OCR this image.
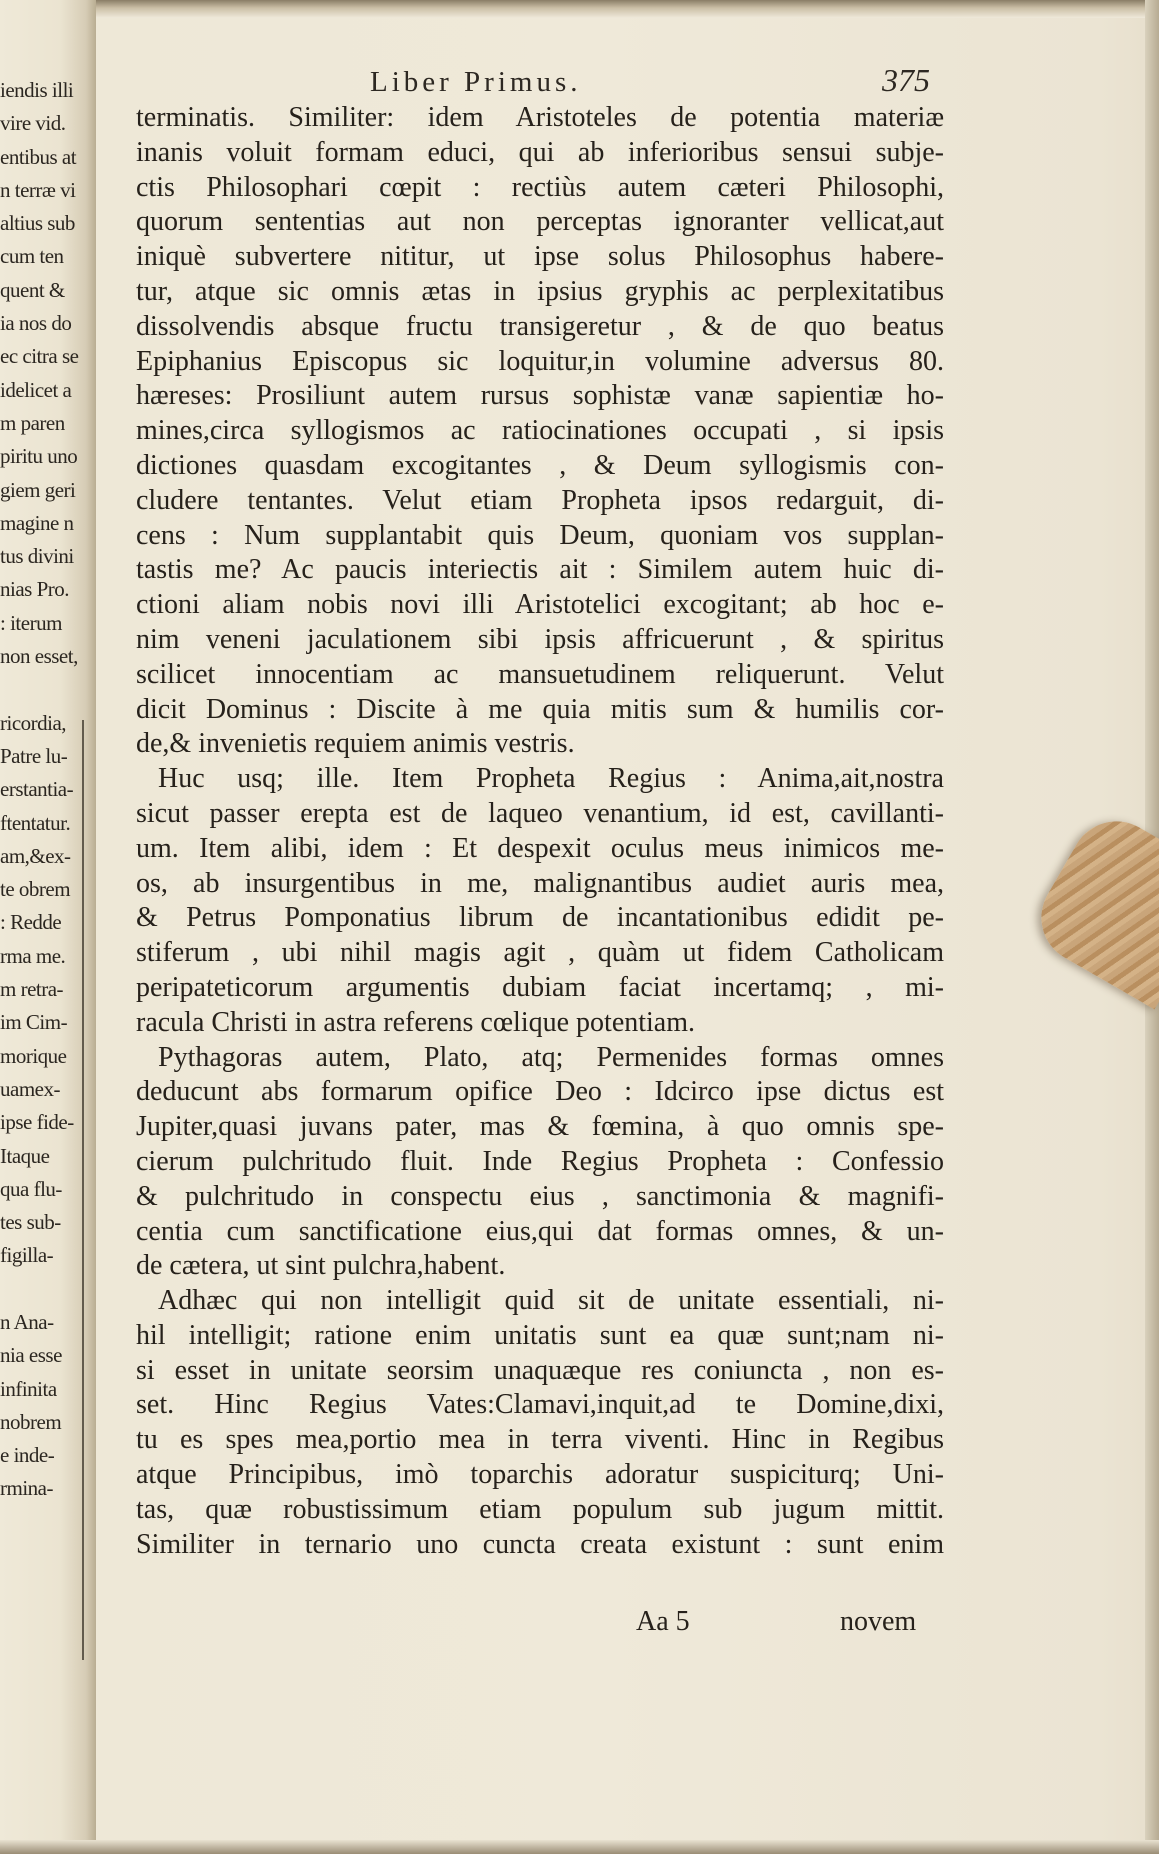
iendis illi
vire vid.
entibus at
n terræ vi
altius sub
cum ten
quent &
ia nos do
ec citra se
idelicet a
m paren
piritu uno
giem geri
magine n
tus divini
nias Pro.
: iterum
non esset,
ricordia,
Patre lu-
erstantia-
ftentatur.
am,&ex-
te obrem
: Redde
rma me.
m retra-
im Cim-
morique
uamex-
ipse fide-
Itaque
qua flu-
tes sub-
figilla-
n Ana-
nia esse
infinita
nobrem
e inde-
rmina-
Liber Primus.	375
terminatis. Similiter: idem Aristoteles de potentia materiæ
inanis voluit formam educi, qui ab inferioribus sensui subje-
ctis Philosophari cœpit : rectiùs autem cæteri Philosophi,
quorum sententias aut non perceptas ignoranter vellicat,aut
iniquè subvertere nititur, ut ipse solus Philosophus habere-
tur, atque sic omnis ætas in ipsius gryphis ac perplexitatibus
dissolvendis absque fructu transigeretur , & de quo beatus
Epiphanius Episcopus sic loquitur,in volumine adversus 80.
hæreses: Prosiliunt autem rursus sophistæ vanæ sapientiæ ho-
mines,circa syllogismos ac ratiocinationes occupati , si ipsis
dictiones quasdam excogitantes , & Deum syllogismis con-
cludere tentantes. Velut etiam Propheta ipsos redarguit, di-
cens : Num supplantabit quis Deum, quoniam vos supplan-
tastis me? Ac paucis interiectis ait : Similem autem huic di-
ctioni aliam nobis novi illi Aristotelici excogitant; ab hoc e-
nim veneni jaculationem sibi ipsis affricuerunt , & spiritus
scilicet innocentiam ac mansuetudinem reliquerunt. Velut
dicit Dominus : Discite à me quia mitis sum & humilis cor-
de,& invenietis requiem animis vestris.
Huc usq; ille. Item Propheta Regius : Anima,ait,nostra
sicut passer erepta est de laqueo venantium, id est, cavillanti-
um. Item alibi, idem : Et despexit oculus meus inimicos me-
os, ab insurgentibus in me, malignantibus audiet auris mea,
& Petrus Pomponatius librum de incantationibus edidit pe-
stiferum , ubi nihil magis agit , quàm ut fidem Catholicam
peripateticorum argumentis dubiam faciat incertamq; , mi-
racula Christi in astra referens cœlique potentiam.
Pythagoras autem, Plato, atq; Permenides formas omnes
deducunt abs formarum opifice Deo : Idcirco ipse dictus est
Jupiter,quasi juvans pater, mas & fœmina, à quo omnis spe-
cierum pulchritudo fluit. Inde Regius Propheta : Confessio
& pulchritudo in conspectu eius , sanctimonia & magnifi-
centia cum sanctificatione eius,qui dat formas omnes, & un-
de cætera, ut sint pulchra,habent.
Adhæc qui non intelligit quid sit de unitate essentiali, ni-
hil intelligit; ratione enim unitatis sunt ea quæ sunt;nam ni-
si esset in unitate seorsim unaquæque res coniuncta , non es-
set. Hinc Regius Vates:Clamavi,inquit,ad te Domine,dixi,
tu es spes mea,portio mea in terra viventi. Hinc in Regibus
atque Principibus, imò toparchis adoratur suspiciturq; Uni-
tas, quæ robustissimum etiam populum sub jugum mittit.
Similiter in ternario uno cuncta creata existunt : sunt enim
Aa 5	novem
